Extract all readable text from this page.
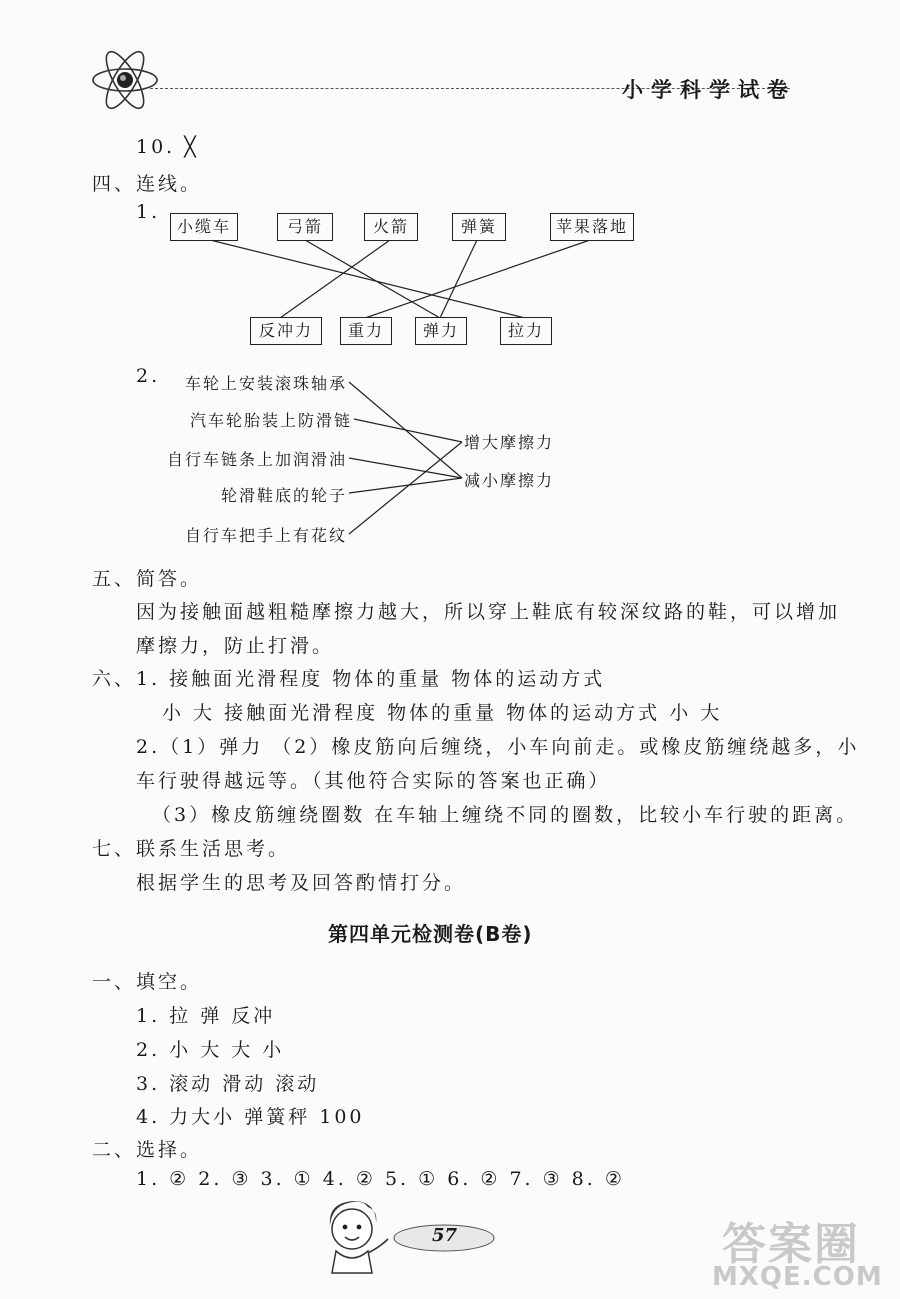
小学科学试卷
10. ╳
四、连线。
1.
小缆车	弓箭	火箭	弹簧	苹果落地
反冲力	重力	弹力	拉力
2. 车轮上安装滚珠轴承
汽车轮胎装上防滑链
自行车链条上加润滑油
轮滑鞋底的轮子
自行车把手上有花纹
增大摩擦力
减小摩擦力
五、简答。
因为接触面越粗糙摩擦力越大，所以穿上鞋底有较深纹路的鞋，可以增加
摩擦力，防止打滑。
六、1. 接触面光滑程度 物体的重量 物体的运动方式
小 大 接触面光滑程度 物体的重量 物体的运动方式 小 大
2.（1）弹力 （2）橡皮筋向后缠绕，小车向前走。或橡皮筋缠绕越多，小
车行驶得越远等。（其他符合实际的答案也正确）
（3）橡皮筋缠绕圈数 在车轴上缠绕不同的圈数，比较小车行驶的距离。
七、联系生活思考。
根据学生的思考及回答酌情打分。
第四单元检测卷(B卷)
一、填空。
1. 拉 弹 反冲
2. 小 大 大 小
3. 滚动 滑动 滚动
4. 力大小 弹簧秤 100
二、选择。
1. ② 2. ③ 3. ① 4. ② 5. ① 6. ② 7. ③ 8. ②
57	答案圈
MXQE.COM
